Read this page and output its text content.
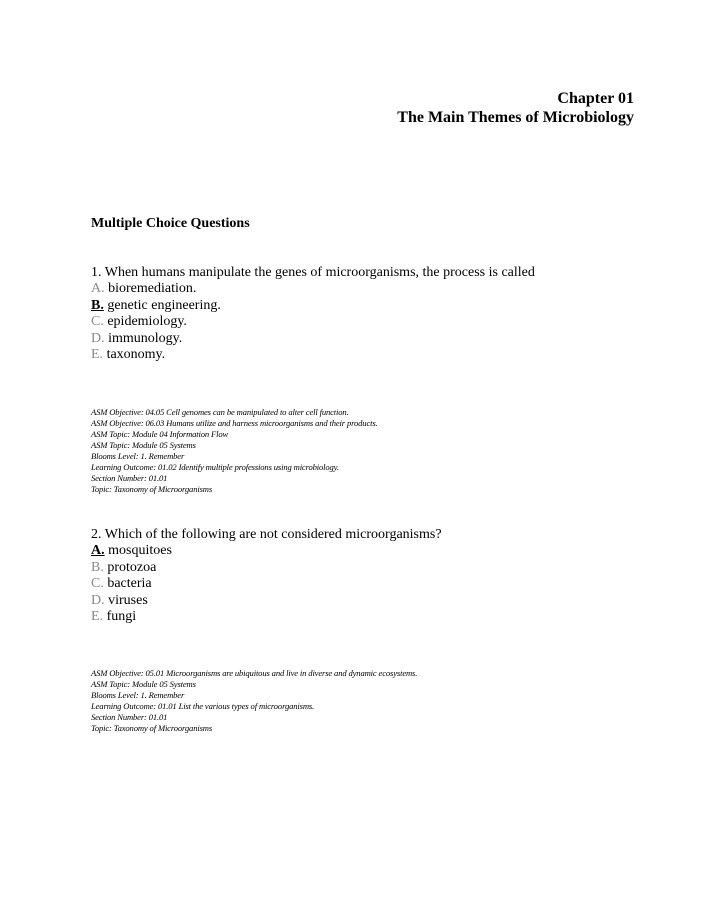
Chapter 01
The Main Themes of Microbiology
Multiple Choice Questions

1. When humans manipulate the genes of microorganisms, the process is called

A. bioremediation.

B. genetic engineering.

C. epidemiology.

D. immunology.

E. taxonomy.

ASM Objective: 04.05 Cell genomes can be manipulated to alter cell function.
ASM Objective: 06.03 Humans utilize and harness microorganisms and their products.
ASM Topic: Module 04 Information Flow
ASM Topic: Module 05 Systems
Blooms Level: 1. Remember
Learning Outcome: 01.02 Identify multiple professions using microbiology.
Section Number: 01.01
Topic: Taxonomy of Microorganisms

2. Which of the following are not considered microorganisms?

A. mosquitoes

B. protozoa

C. bacteria

D. viruses

E. fungi

ASM Objective: 05.01 Microorganisms are ubiquitous and live in diverse and dynamic ecosystems.
ASM Topic: Module 05 Systems
Blooms Level: 1. Remember
Learning Outcome: 01.01 List the various types of microorganisms.
Section Number: 01.01
Topic: Taxonomy of Microorganisms
